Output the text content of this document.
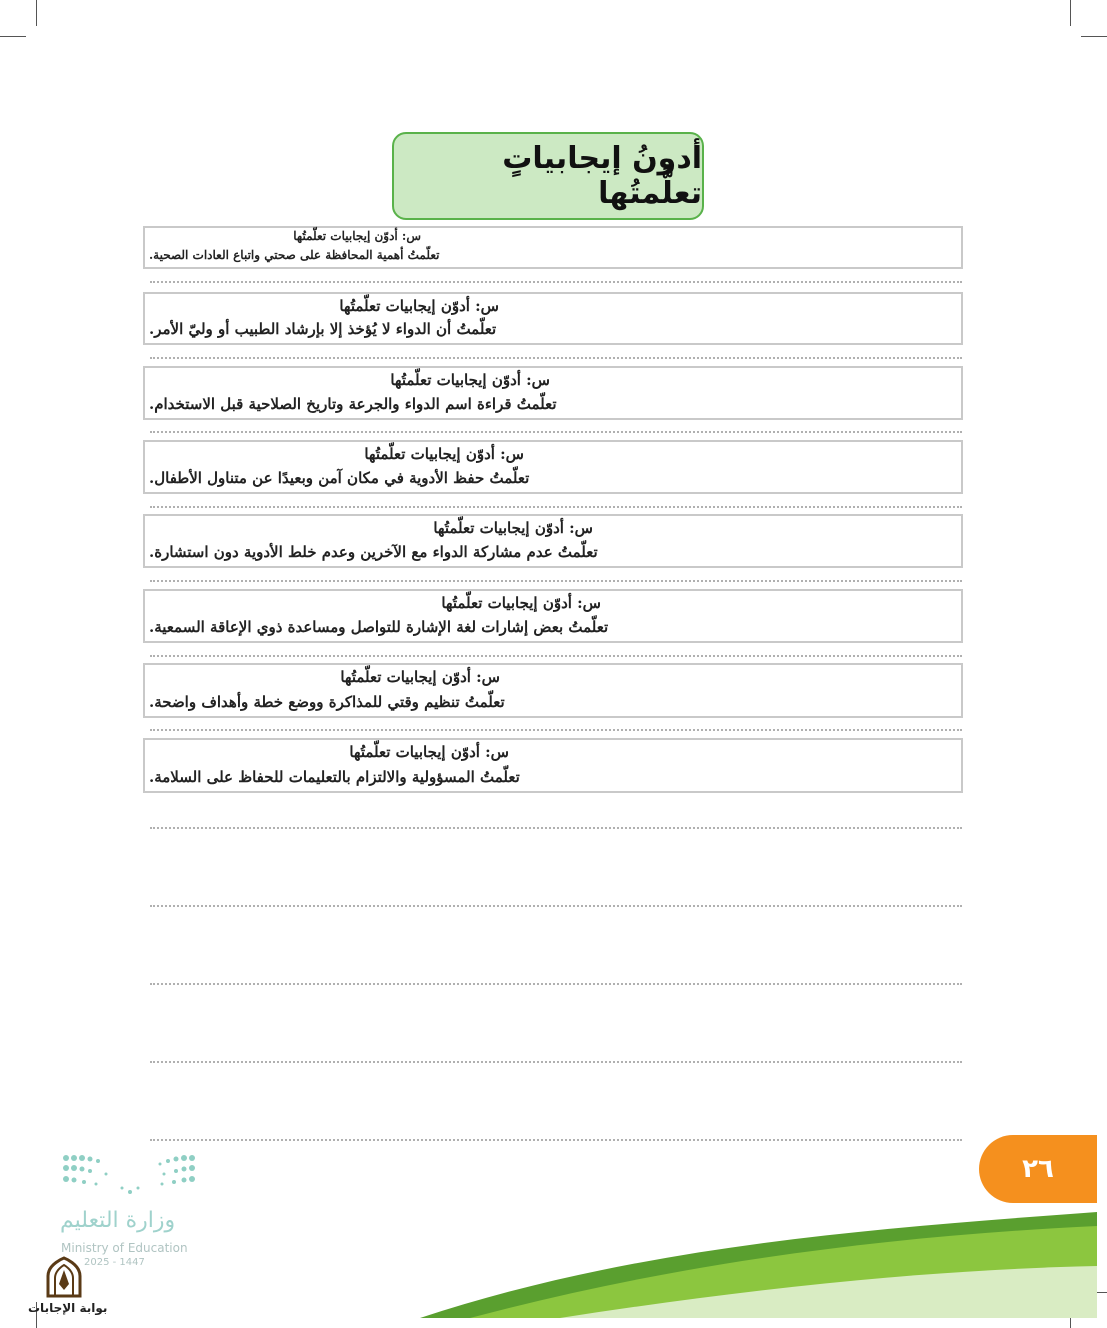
أدونُ إيجابياتٍ تعلَّمتُها
س: أدوّن إيجابيات تعلّمتُها
تعلّمتُ أهمية المحافظة على صحتي واتباع العادات الصحية.
س: أدوّن إيجابيات تعلّمتُها
تعلّمتُ أن الدواء لا يُؤخذ إلا بإرشاد الطبيب أو وليّ الأمر.
س: أدوّن إيجابيات تعلّمتُها
تعلّمتُ قراءة اسم الدواء والجرعة وتاريخ الصلاحية قبل الاستخدام.
س: أدوّن إيجابيات تعلّمتُها
تعلّمتُ حفظ الأدوية في مكان آمن وبعيدًا عن متناول الأطفال.
س: أدوّن إيجابيات تعلّمتُها
تعلّمتُ عدم مشاركة الدواء مع الآخرين وعدم خلط الأدوية دون استشارة.
س: أدوّن إيجابيات تعلّمتُها
تعلّمتُ بعض إشارات لغة الإشارة للتواصل ومساعدة ذوي الإعاقة السمعية.
س: أدوّن إيجابيات تعلّمتُها
تعلّمتُ تنظيم وقتي للمذاكرة ووضع خطة وأهداف واضحة.
س: أدوّن إيجابيات تعلّمتُها
تعلّمتُ المسؤولية والالتزام بالتعليمات للحفاظ على السلامة.
٢٦
وزارة التعليم
Ministry of Education
2025 - 1447
بوابة الإجابات
